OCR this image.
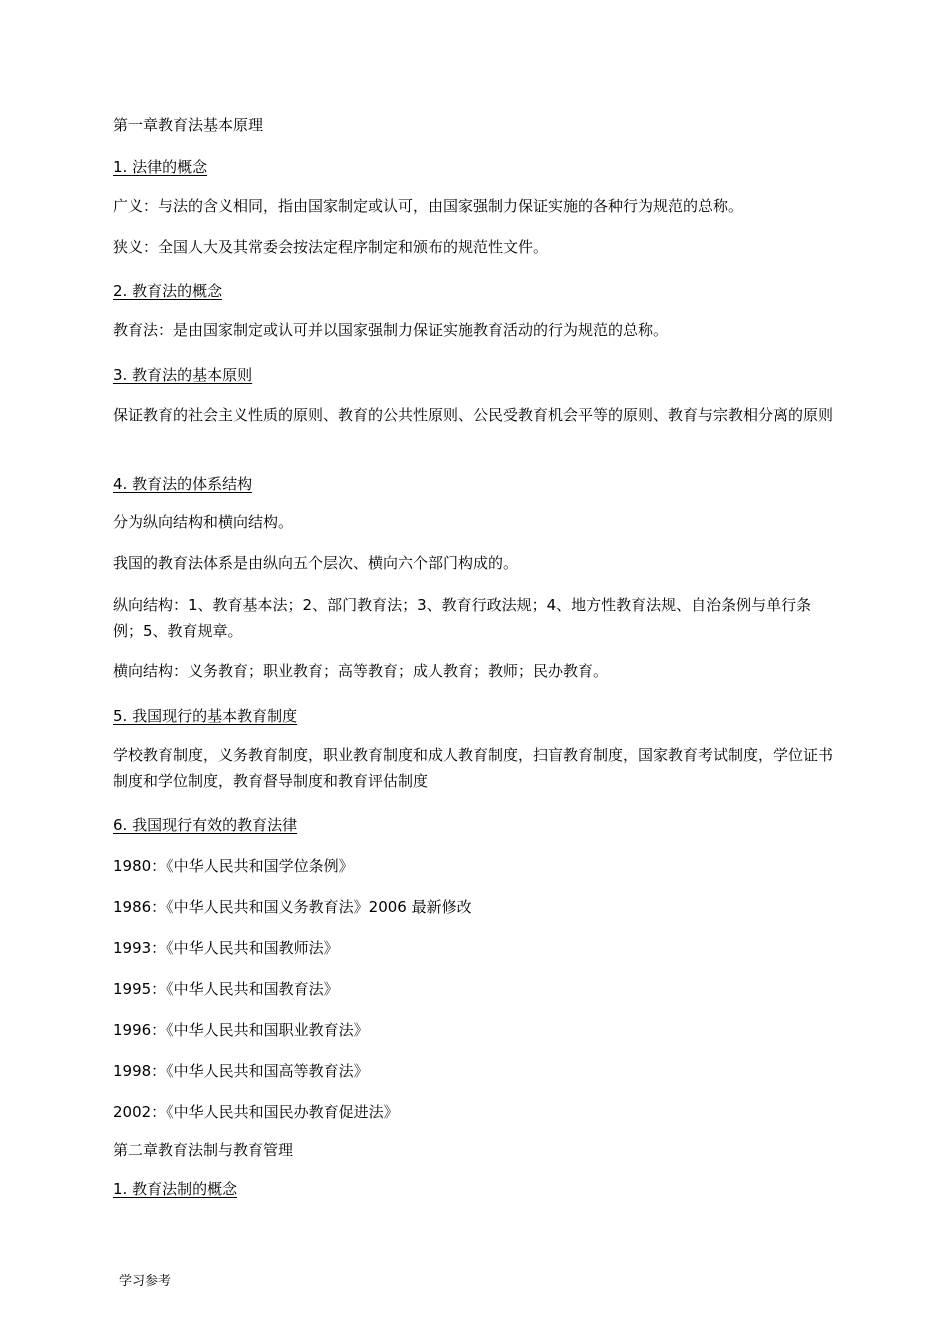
第一章教育法基本原理

1. 法律的概念

广义：与法的含义相同，指由国家制定或认可，由国家强制力保证实施的各种行为规范的总称。

狭义：全国人大及其常委会按法定程序制定和颁布的规范性文件。

2. 教育法的概念

教育法：是由国家制定或认可并以国家强制力保证实施教育活动的行为规范的总称。

3. 教育法的基本原则

保证教育的社会主义性质的原则、教育的公共性原则、公民受教育机会平等的原则、教育与宗教相分离的原则

4. 教育法的体系结构

分为纵向结构和横向结构。

我国的教育法体系是由纵向五个层次、横向六个部门构成的。

纵向结构：1、教育基本法；2、部门教育法；3、教育行政法规；4、地方性教育法规、自治条例与单行条例；5、教育规章。

横向结构：义务教育；职业教育；高等教育；成人教育；教师；民办教育。

5. 我国现行的基本教育制度

学校教育制度，义务教育制度，职业教育制度和成人教育制度，扫盲教育制度，国家教育考试制度，学位证书制度和学位制度，教育督导制度和教育评估制度

6. 我国现行有效的教育法律

1980：《中华人民共和国学位条例》

1986：《中华人民共和国义务教育法》2006 最新修改

1993：《中华人民共和国教师法》

1995：《中华人民共和国教育法》

1996：《中华人民共和国职业教育法》

1998：《中华人民共和国高等教育法》

2002：《中华人民共和国民办教育促进法》

第二章教育法制与教育管理

1. 教育法制的概念

学习参考
